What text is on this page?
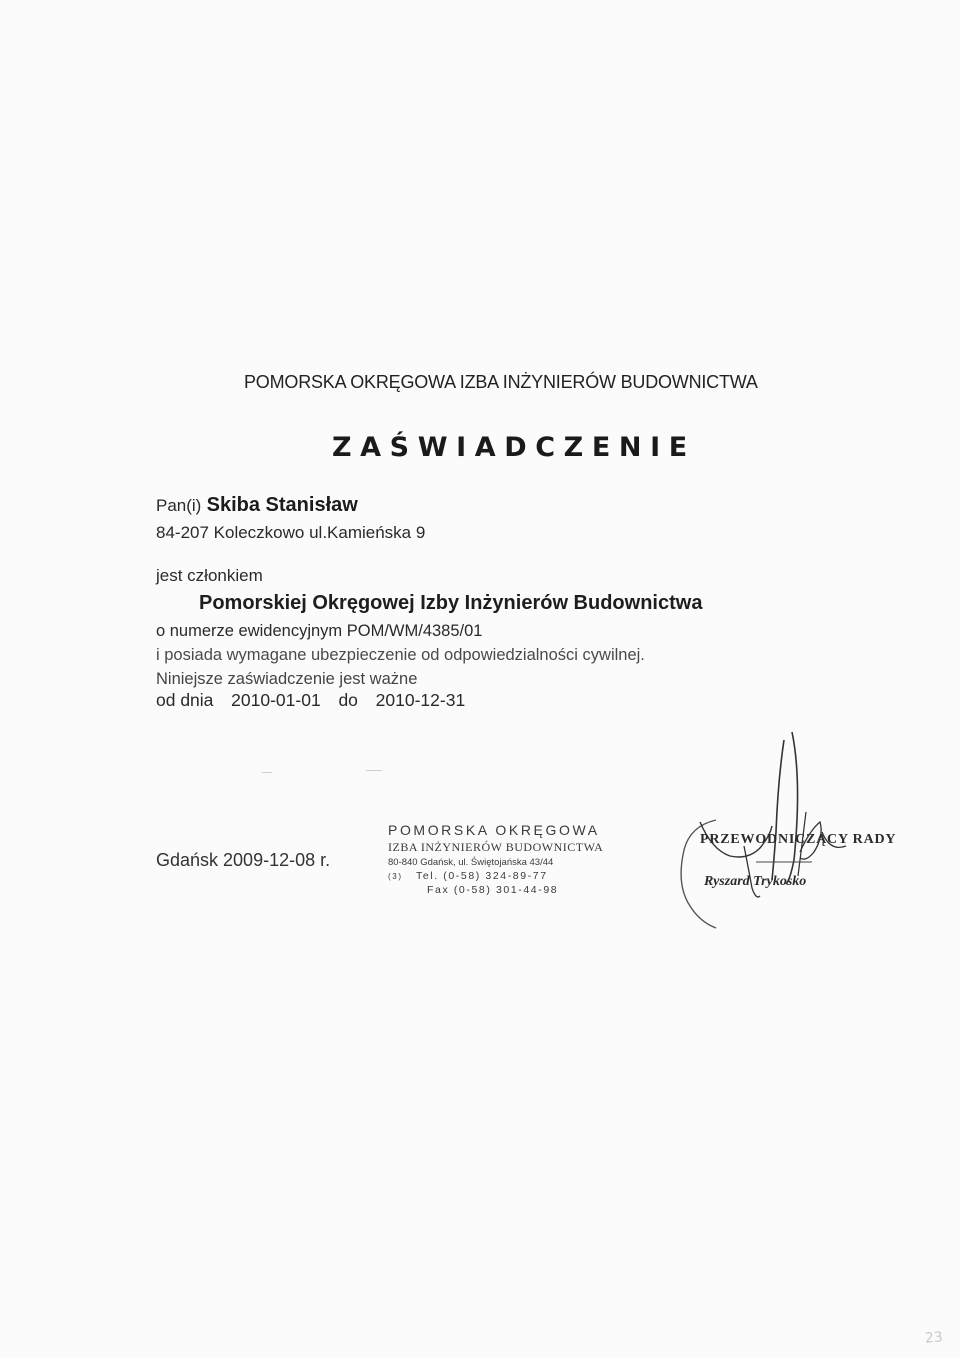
POMORSKA OKRĘGOWA IZBA INŻYNIERÓW BUDOWNICTWA
ZAŚWIADCZENIE
Pan(i) Skiba Stanisław
84-207 Koleczkowo ul.Kamieńska 9
jest członkiem
Pomorskiej Okręgowej Izby Inżynierów Budownictwa
o numerze ewidencyjnym POM/WM/4385/01
i posiada wymagane ubezpieczenie od odpowiedzialności cywilnej.
Niniejsze zaświadczenie jest ważne
od dnia 2010-01-01 do 2010-12-31
Gdańsk 2009-12-08 r.
POMORSKA OKRĘGOWA
IZBA INŻYNIERÓW BUDOWNICTWA
80-840 Gdańsk, ul. Świętojańska 43/44
(3) Tel. (0-58) 324-89-77
Fax (0-58) 301-44-98
PRZEWODNICZĄCY RADY
Ryszard Trykosko
23
